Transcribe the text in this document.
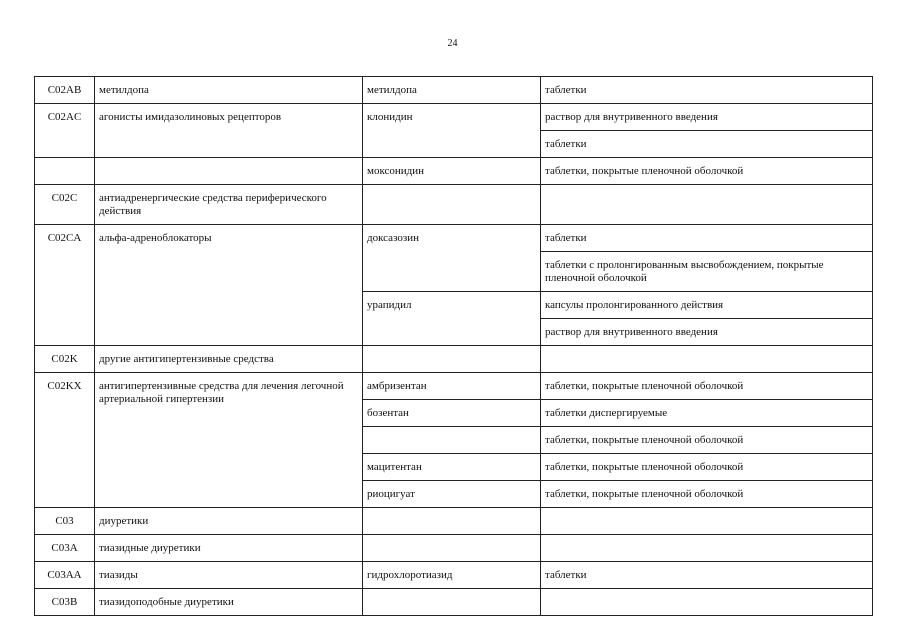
24
C02AB	метилдопа	метилдопа	таблетки
C02AC	агонисты имидазолиновых рецепторов	клонидин	раствор для внутривенного введения
			таблетки
		моксонидин	таблетки, покрытые пленочной оболочкой
C02C	антиадренергические средства периферического действия		
C02CA	альфа-адреноблокаторы	доксазозин	таблетки
			таблетки с пролонгированным высвобождением, покрытые пленочной оболочкой
		урапидил	капсулы пролонгированного действия
			раствор для внутривенного введения
C02K	другие антигипертензивные средства		
C02KX	антигипертензивные средства для лечения легочной артериальной гипертензии	амбризентан	таблетки, покрытые пленочной оболочкой
		бозентан	таблетки диспергируемые
			таблетки, покрытые пленочной оболочкой
		мацитентан	таблетки, покрытые пленочной оболочкой
		риоцигуат	таблетки, покрытые пленочной оболочкой
C03	диуретики		
C03A	тиазидные диуретики		
C03AA	тиазиды	гидрохлоротиазид	таблетки
C03B	тиазидоподобные диуретики		
